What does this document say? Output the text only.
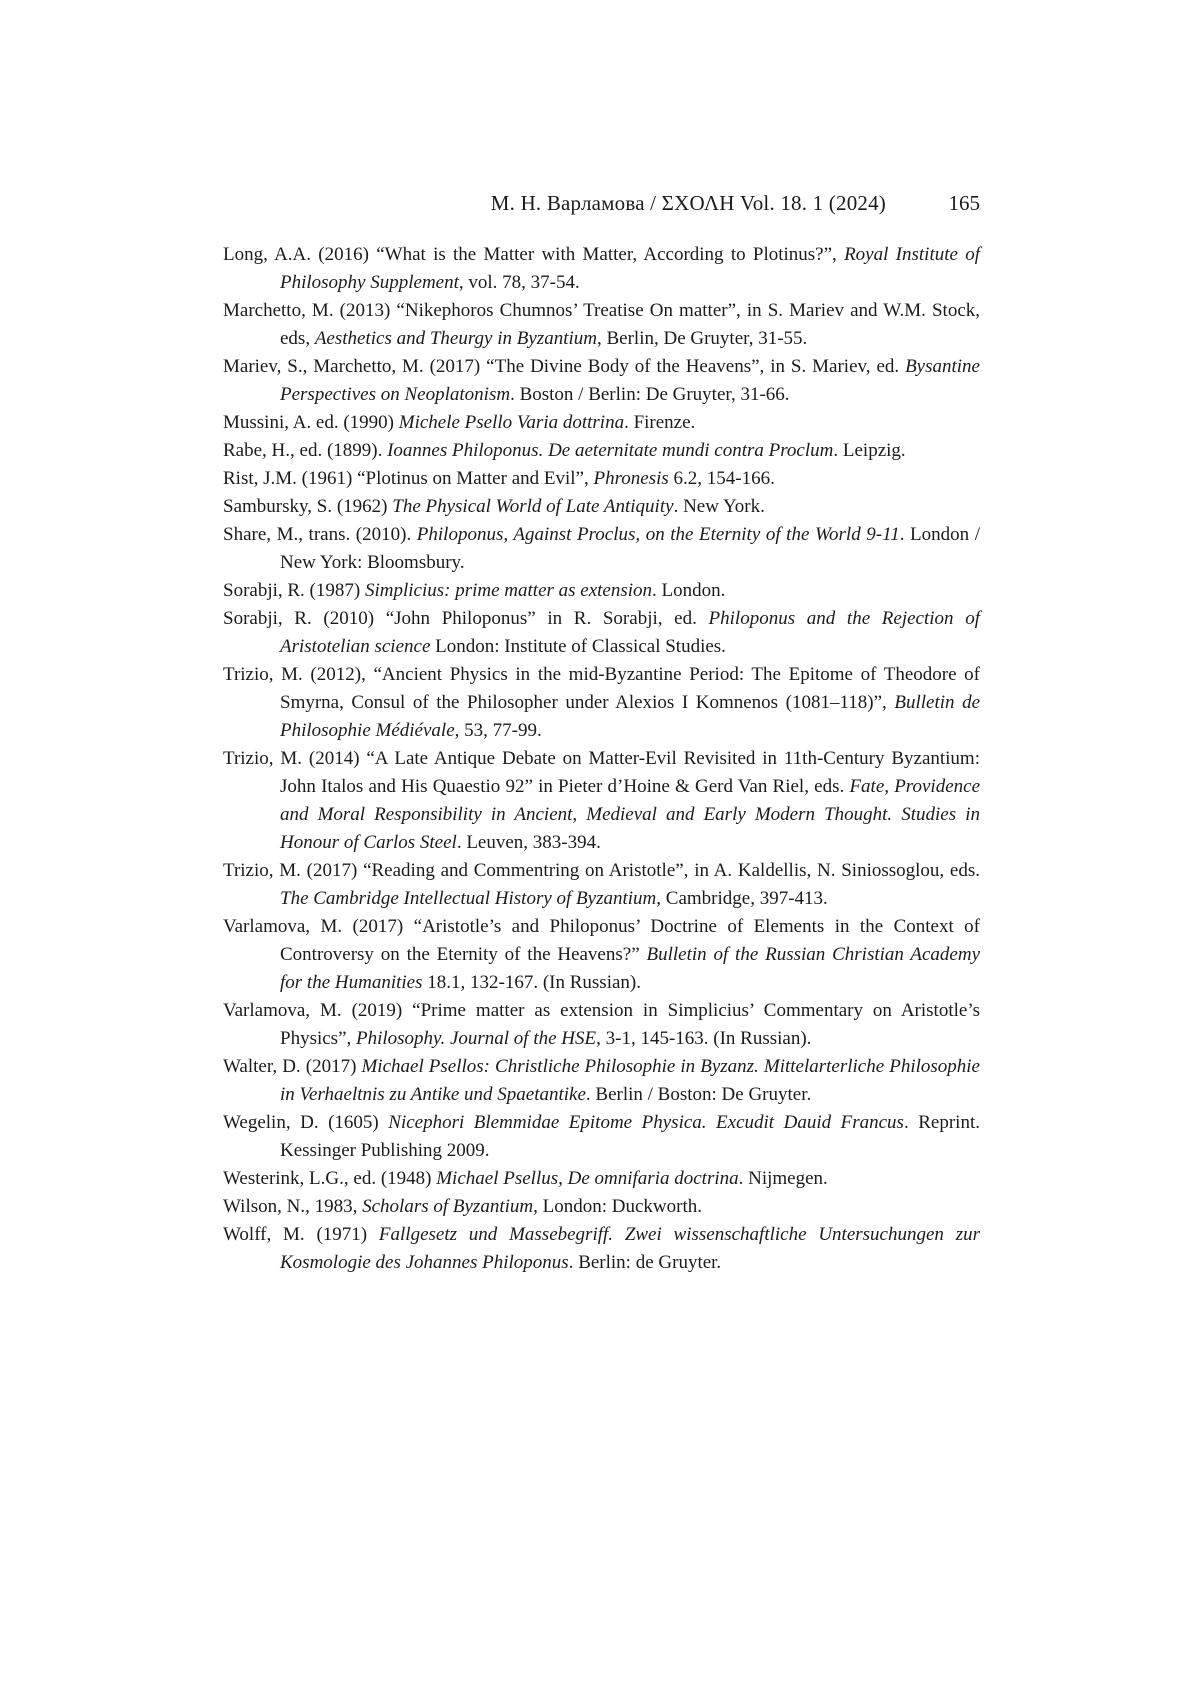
М. Н. Варламова / ΣΧΟΛΗ Vol. 18. 1 (2024)	165

Long, A.A. (2016) “What is the Matter with Matter, According to Plotinus?”, Royal Institute of Philosophy Supplement, vol. 78, 37-54.

Marchetto, M. (2013) “Nikephoros Chumnos’ Treatise On matter”, in S. Mariev and W.M. Stock, eds, Aesthetics and Theurgy in Byzantium, Berlin, De Gruyter, 31-55.

Mariev, S., Marchetto, M. (2017) “The Divine Body of the Heavens”, in S. Mariev, ed. Bysantine Perspectives on Neoplatonism. Boston / Berlin: De Gruyter, 31-66.

Mussini, A. ed. (1990) Michele Psello Varia dottrina. Firenze.

Rabe, H., ed. (1899). Ioannes Philoponus. De aeternitate mundi contra Proclum. Leipzig.

Rist, J.M. (1961) “Plotinus on Matter and Evil”, Phronesis 6.2, 154-166.

Sambursky, S. (1962) The Physical World of Late Antiquity. New York.

Share, M., trans. (2010). Philoponus, Against Proclus, on the Eternity of the World 9-11. London / New York: Bloomsbury.

Sorabji, R. (1987) Simplicius: prime matter as extension. London.

Sorabji, R. (2010) “John Philoponus” in R. Sorabji, ed. Philoponus and the Rejection of Aristotelian science London: Institute of Classical Studies.

Trizio, M. (2012), “Ancient Physics in the mid-Byzantine Period: The Epitome of Theodore of Smyrna, Consul of the Philosopher under Alexios I Komnenos (1081–118)”, Bulletin de Philosophie Médiévale, 53, 77-99.

Trizio, M. (2014) “A Late Antique Debate on Matter-Evil Revisited in 11th-Century Byzantium: John Italos and His Quaestio 92” in Pieter d’Hoine & Gerd Van Riel, eds. Fate, Providence and Moral Responsibility in Ancient, Medieval and Early Modern Thought. Studies in Honour of Carlos Steel. Leuven, 383-394.

Trizio, M. (2017) “Reading and Commentring on Aristotle”, in A. Kaldellis, N. Siniossoglou, eds. The Cambridge Intellectual History of Byzantium, Cambridge, 397-413.

Varlamova, M. (2017) “Aristotle’s and Philoponus’ Doctrine of Elements in the Context of Controversy on the Eternity of the Heavens?” Bulletin of the Russian Christian Academy for the Humanities 18.1, 132-167. (In Russian).

Varlamova, M. (2019) “Prime matter as extension in Simplicius’ Commentary on Aristotle’s Physics”, Philosophy. Journal of the HSE, 3-1, 145-163. (In Russian).

Walter, D. (2017) Michael Psellos: Christliche Philosophie in Byzanz. Mittelarterliche Philosophie in Verhaeltnis zu Antike und Spaetantike. Berlin / Boston: De Gruyter.

Wegelin, D. (1605) Nicephori Blemmidae Epitome Physica. Excudit Dauid Francus. Reprint. Kessinger Publishing 2009.

Westerink, L.G., ed. (1948) Michael Psellus, De omnifaria doctrina. Nijmegen.

Wilson, N., 1983, Scholars of Byzantium, London: Duckworth.

Wolff, M. (1971) Fallgesetz und Massebegriff. Zwei wissenschaftliche Untersuchungen zur Kosmologie des Johannes Philoponus. Berlin: de Gruyter.
